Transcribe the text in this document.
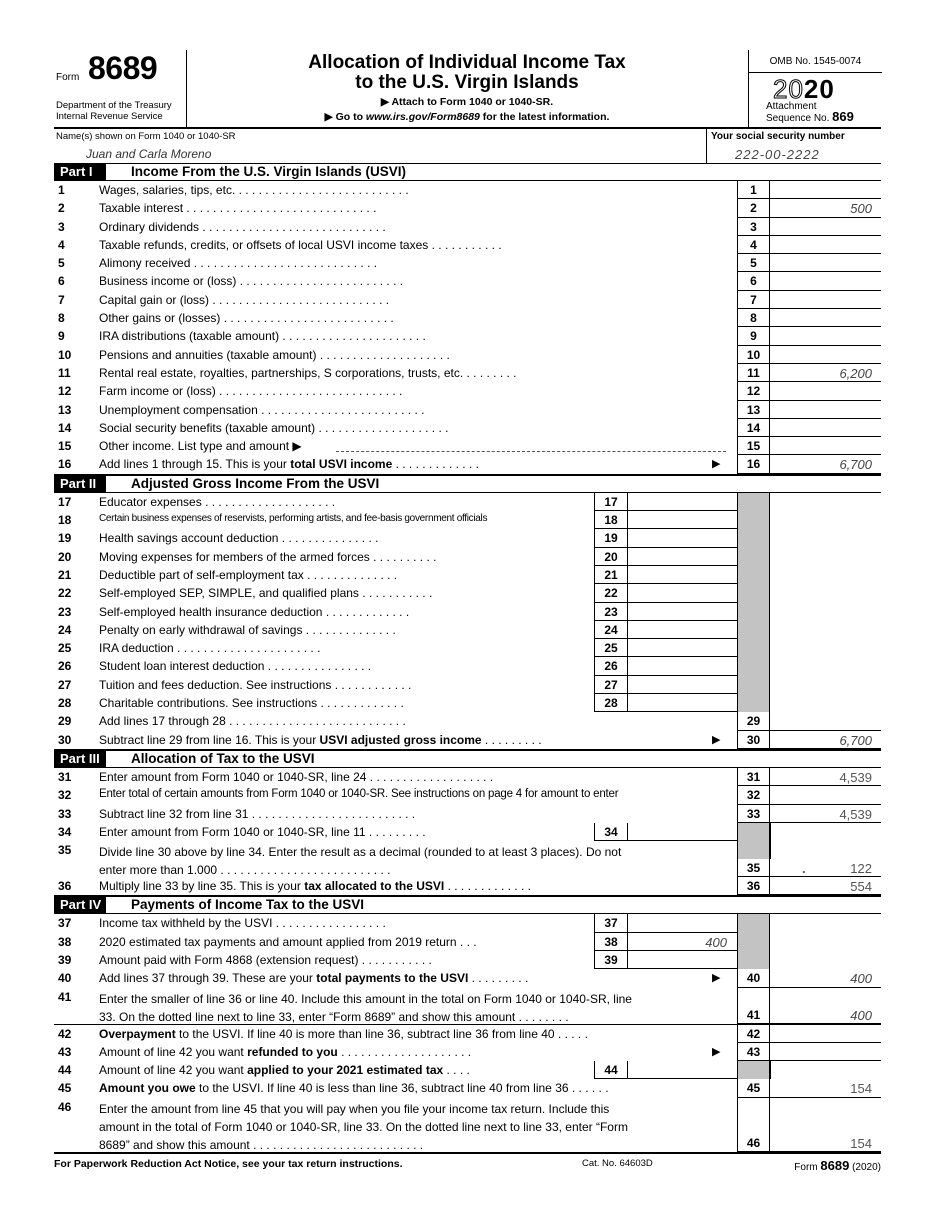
Form 8689
Department of the Treasury
Internal Revenue Service
Allocation of Individual Income Tax
to the U.S. Virgin Islands
▶ Attach to Form 1040 or 1040-SR.
▶ Go to www.irs.gov/Form8689 for the latest information.
OMB No. 1545-0074
2020
Attachment
Sequence No. 869
Name(s) shown on Form 1040 or 1040-SR
Juan and Carla Moreno
Your social security number
222-00-2222
Part I	Income From the U.S. Virgin Islands (USVI)
1	Wages, salaries, tips, etc. . . . . . . . . . . . . . . . . . . . . . . . . . .	1
2	Taxable interest . . . . . . . . . . . . . . . . . . . . . . . . . . . . .	2	500
3	Ordinary dividends . . . . . . . . . . . . . . . . . . . . . . . . . . . .	3
4	Taxable refunds, credits, or offsets of local USVI income taxes . . . . . . . . . . .	4
5	Alimony received . . . . . . . . . . . . . . . . . . . . . . . . . . . .	5
6	Business income or (loss) . . . . . . . . . . . . . . . . . . . . . . . . .	6
7	Capital gain or (loss) . . . . . . . . . . . . . . . . . . . . . . . . . . .	7
8	Other gains or (losses) . . . . . . . . . . . . . . . . . . . . . . . . . .	8
9	IRA distributions (taxable amount) . . . . . . . . . . . . . . . . . . . . . .	9
10	Pensions and annuities (taxable amount) . . . . . . . . . . . . . . . . . . . .	10
11	Rental real estate, royalties, partnerships, S corporations, trusts, etc. . . . . . . . .	11	6,200
12	Farm income or (loss) . . . . . . . . . . . . . . . . . . . . . . . . . . . .	12
13	Unemployment compensation . . . . . . . . . . . . . . . . . . . . . . . . .	13
14	Social security benefits (taxable amount) . . . . . . . . . . . . . . . . . . . .	14
15	Other income. List type and amount ▶	15
16	Add lines 1 through 15. This is your total USVI income . . . . . . . . . . . . .	▶	16	6,700
Part II	Adjusted Gross Income From the USVI
17	Educator expenses . . . . . . . . . . . . . . . . . . . .	17
18	Certain business expenses of reservists, performing artists, and fee-basis government officials	18
19	Health savings account deduction . . . . . . . . . . . . . . .	19
20	Moving expenses for members of the armed forces . . . . . . . . . .	20
21	Deductible part of self-employment tax . . . . . . . . . . . . . .	21
22	Self-employed SEP, SIMPLE, and qualified plans . . . . . . . . . . .	22
23	Self-employed health insurance deduction . . . . . . . . . . . . .	23
24	Penalty on early withdrawal of savings . . . . . . . . . . . . . .	24
25	IRA deduction . . . . . . . . . . . . . . . . . . . . . .	25
26	Student loan interest deduction . . . . . . . . . . . . . . . .	26
27	Tuition and fees deduction. See instructions . . . . . . . . . . . .	27
28	Charitable contributions. See instructions . . . . . . . . . . . . .	28
29	Add lines 17 through 28 . . . . . . . . . . . . . . . . . . . . . . . . . . .	29
30	Subtract line 29 from line 16. This is your USVI adjusted gross income . . . . . . . . .	▶	30	6,700
Part III	Allocation of Tax to the USVI
31	Enter amount from Form 1040 or 1040-SR, line 24 . . . . . . . . . . . . . . . . . . .	31	4,539
32	Enter total of certain amounts from Form 1040 or 1040-SR. See instructions on page 4 for amount to enter	32
33	Subtract line 32 from line 31 . . . . . . . . . . . . . . . . . . . . . . . . .	33	4,539
34	Enter amount from Form 1040 or 1040-SR, line 11 . . . . . . . . .	34
35	Divide line 30 above by line 34. Enter the result as a decimal (rounded to at least 3 places). Do not
enter more than 1.000 . . . . . . . . . . . . . . . . . . . . . . . . . .	35	.	122
36	Multiply line 33 by line 35. This is your tax allocated to the USVI . . . . . . . . . . . . .	36	554
Part IV	Payments of Income Tax to the USVI
37	Income tax withheld by the USVI . . . . . . . . . . . . . . . . .	37
38	2020 estimated tax payments and amount applied from 2019 return . . .	38	400
39	Amount paid with Form 4868 (extension request) . . . . . . . . . . .	39
40	Add lines 37 through 39. These are your total payments to the USVI . . . . . . . . .	▶	40	400
41	Enter the smaller of line 36 or line 40. Include this amount in the total on Form 1040 or 1040-SR, line
33. On the dotted line next to line 33, enter “Form 8689” and show this amount . . . . . . . .	41	400
42	Overpayment to the USVI. If line 40 is more than line 36, subtract line 36 from line 40 . . . . .	42
43	Amount of line 42 you want refunded to you . . . . . . . . . . . . . . . . . . . .	▶	43
44	Amount of line 42 you want applied to your 2021 estimated tax . . . .	44
45	Amount you owe to the USVI. If line 40 is less than line 36, subtract line 40 from line 36 . . . . . .	45	154
46	Enter the amount from line 45 that you will pay when you file your income tax return. Include this
amount in the total of Form 1040 or 1040-SR, line 33. On the dotted line next to line 33, enter “Form
8689” and show this amount . . . . . . . . . . . . . . . . . . . . . . . . . .	46	154
For Paperwork Reduction Act Notice, see your tax return instructions.	Cat. No. 64603D	Form 8689 (2020)
